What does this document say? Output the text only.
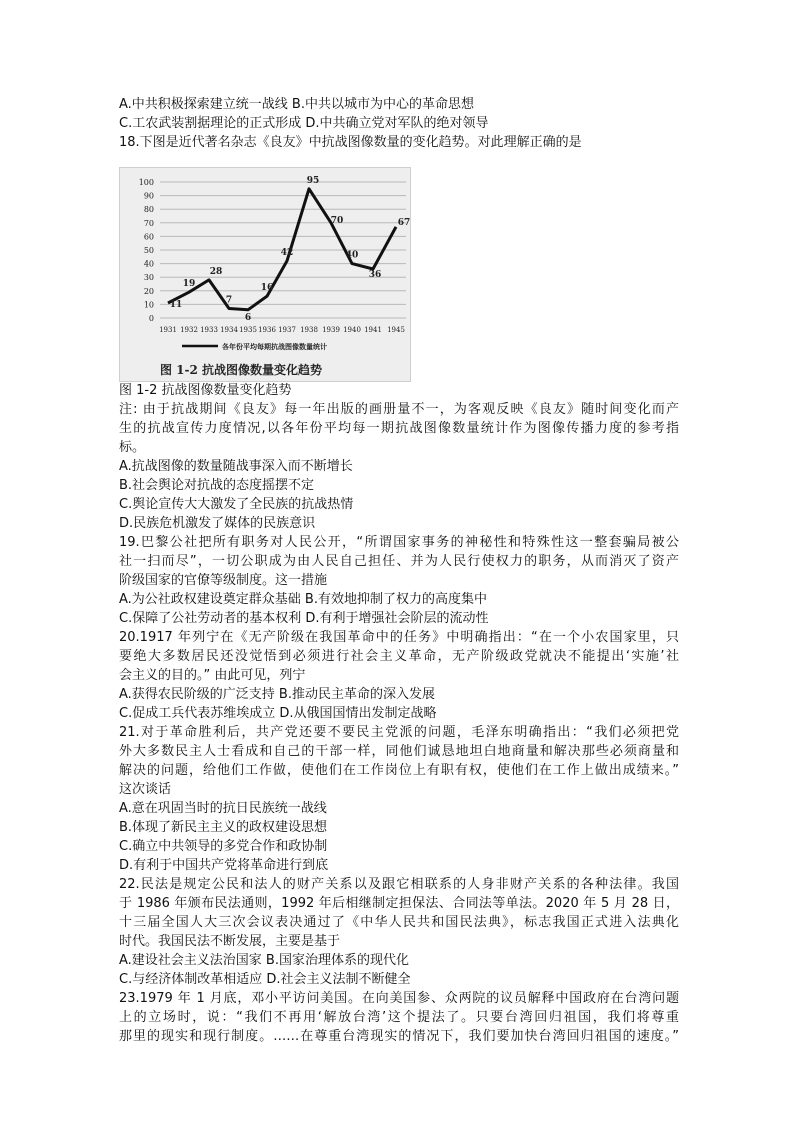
A.中共积极探索建立统一战线 B.中共以城市为中心的革命思想
C.工农武装割据理论的正式形成 D.中共确立党对军队的绝对领导
18.下图是近代著名杂志《良友》中抗战图像数量的变化趋势。对此理解正确的是
0
10
20
30
40
50
60
70
80
90
100
1931 1932 1933 1934 1935 1936 1937 1938 1939 1940 1941 1945
11
19
28
7
6
16
42
95
70
40
36
67
各年份平均每期抗战图像数量统计
图 1-2 抗战图像数量变化趋势
图 1-2 抗战图像数量变化趋势
注: 由于抗战期间《良友》每一年出版的画册量不一，为客观反映《良友》随时间变化而产
生的抗战宣传力度情况,以各年份平均每一期抗战图像数量统计作为图像传播力度的参考指
标。
A.抗战图像的数量随战事深入而不断增长
B.社会舆论对抗战的态度摇摆不定
C.舆论宣传大大激发了全民族的抗战热情
D.民族危机激发了媒体的民族意识
19.巴黎公社把所有职务对人民公开，“所谓国家事务的神秘性和特殊性这一整套骗局被公
社一扫而尽”，一切公职成为由人民自己担任、并为人民行使权力的职务，从而消灭了资产
阶级国家的官僚等级制度。这一措施
A.为公社政权建设奠定群众基础 B.有效地抑制了权力的高度集中
C.保障了公社劳动者的基本权利 D.有利于增强社会阶层的流动性
20.1917 年列宁在《无产阶级在我国革命中的任务》中明确指出：“在一个小农国家里，只
要绝大多数居民还没觉悟到必须进行社会主义革命，无产阶级政党就决不能提出‘实施’社
会主义的目的。” 由此可见，列宁
A.获得农民阶级的广泛支持 B.推动民主革命的深入发展
C.促成工兵代表苏维埃成立 D.从俄国国情出发制定战略
21.对于革命胜利后，共产党还要不要民主党派的问题，毛泽东明确指出：“我们必须把党
外大多数民主人士看成和自己的干部一样，同他们诚恳地坦白地商量和解决那些必须商量和
解决的问题，给他们工作做，使他们在工作岗位上有职有权，使他们在工作上做出成绩来。”
这次谈话
A.意在巩固当时的抗日民族统一战线
B.体现了新民主主义的政权建设思想
C.确立中共领导的多党合作和政协制
D.有利于中国共产党将革命进行到底
22.民法是规定公民和法人的财产关系以及跟它相联系的人身非财产关系的各种法律。我国
于 1986 年颁布民法通则，1992 年后相继制定担保法、合同法等单法。2020 年 5 月 28 日，
十三届全国人大三次会议表决通过了《中华人民共和国民法典》，标志我国正式进入法典化
时代。我国民法不断发展，主要是基于
A.建设社会主义法治国家 B.国家治理体系的现代化
C.与经济体制改革相适应 D.社会主义法制不断健全
23.1979 年 1 月底，邓小平访问美国。在向美国参、众两院的议员解释中国政府在台湾问题
上的立场时，说：“我们不再用‘解放台湾’这个提法了。只要台湾回归祖国，我们将尊重
那里的现实和现行制度。……在尊重台湾现实的情况下，我们要加快台湾回归祖国的速度。”
